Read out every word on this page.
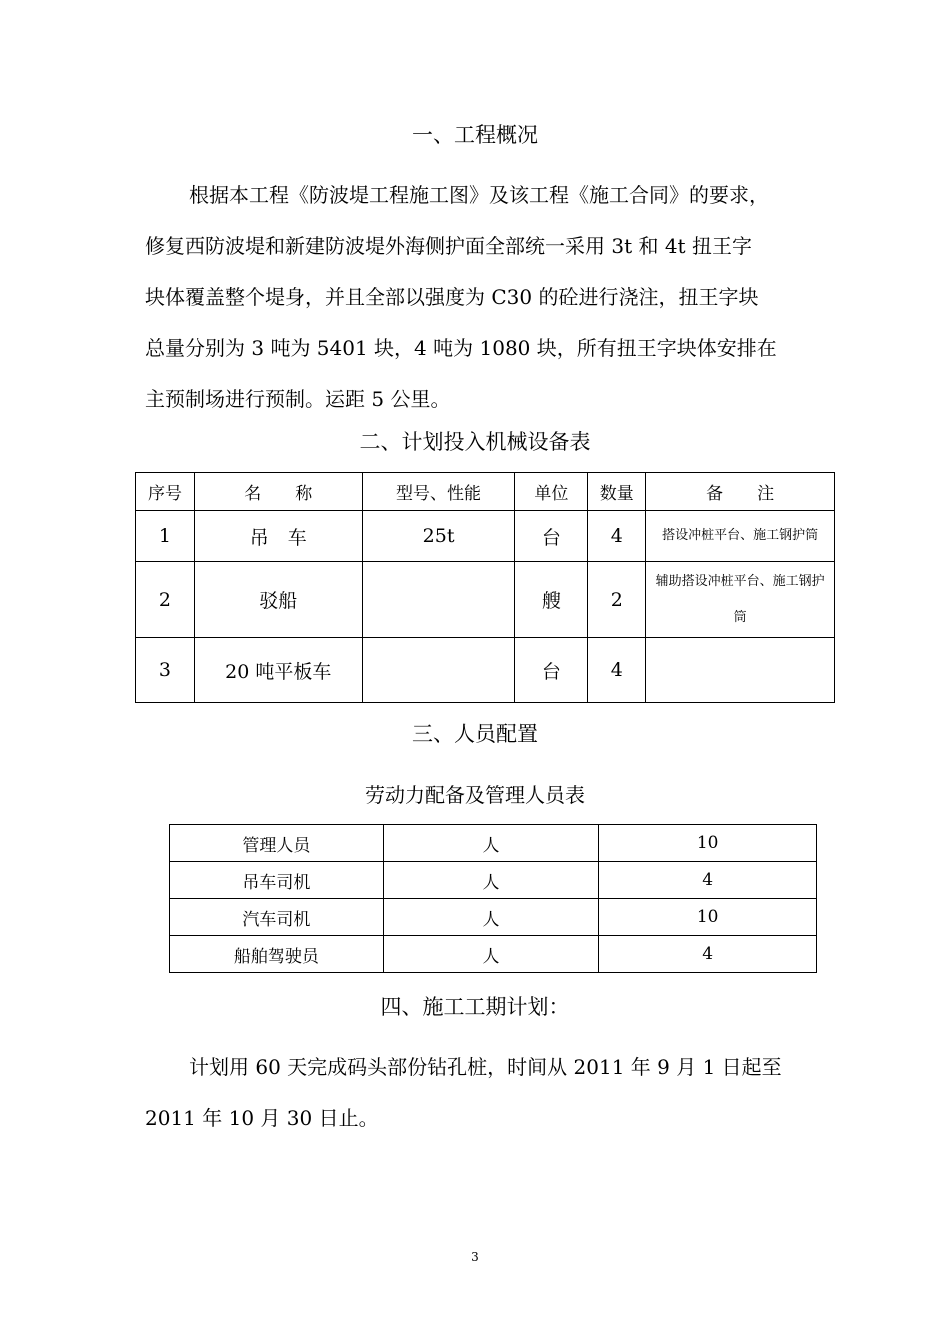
一、工程概况
根据本工程《防波堤工程施工图》及该工程《施工合同》的要求，
修复西防波堤和新建防波堤外海侧护面全部统一采用 3t 和 4t 扭王字
块体覆盖整个堤身，并且全部以强度为 C30 的砼进行浇注，扭王字块
总量分别为 3 吨为 5401 块，4 吨为 1080 块，所有扭王字块体安排在
主预制场进行预制。运距 5 公里。
二、计划投入机械设备表
序号	名　　称	型号、性能	单位	数量	备　　注
1	吊　车	25t	台	4	搭设冲桩平台、施工钢护筒
2	驳船		艘	2	辅助搭设冲桩平台、施工钢护筒
3	20 吨平板车		台	4	
三、人员配置
劳动力配备及管理人员表
管理人员	人	10
吊车司机	人	4
汽车司机	人	10
船舶驾驶员	人	4
四、施工工期计划：
计划用 60 天完成码头部份钻孔桩，时间从 2011 年 9 月 1 日起至
2011 年 10 月 30 日止。
3
